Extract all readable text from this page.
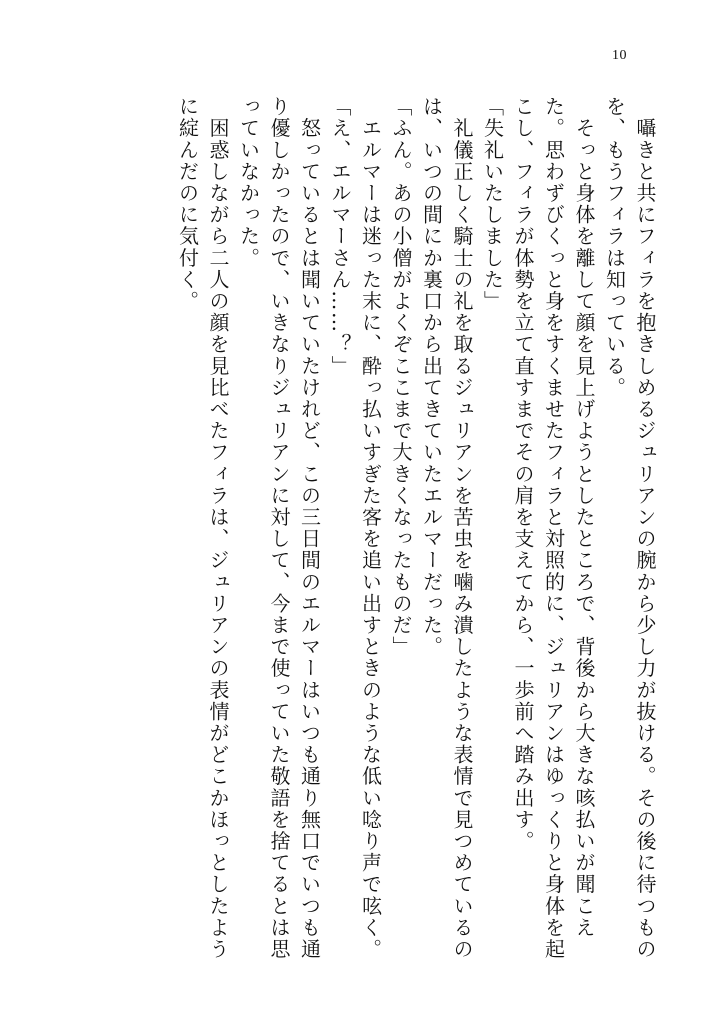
10

　囁きと共にフィラを抱きしめるジュリアンの腕から少し力が抜ける。その後に待つものを、もうフィラは知っている。

　そっと身体を離して顔を見上げようとしたところで、背後から大きな咳払いが聞こえた。思わずびくっと身をすくませたフィラと対照的に、ジュリアンはゆっくりと身体を起こし、フィラが体勢を立て直すまでその肩を支えてから、一歩前へ踏み出す。

「失礼いたしました」

　礼儀正しく騎士の礼を取るジュリアンを苦虫を噛み潰したような表情で見つめているのは、いつの間にか裏口から出てきていたエルマーだった。

「ふん。あの小僧がよくぞここまで大きくなったものだ」

　エルマーは迷った末に、酔っ払いすぎた客を追い出すときのような低い唸り声で呟く。

「え、エルマーさん……？」

　怒っているとは聞いていたけれど、この三日間のエルマーはいつも通り無口でいつも通り優しかったので、いきなりジュリアンに対して、今まで使っていた敬語を捨てるとは思っていなかった。

　困惑しながら二人の顔を見比べたフィラは、ジュリアンの表情がどこかほっとしたように綻んだのに気付く。
